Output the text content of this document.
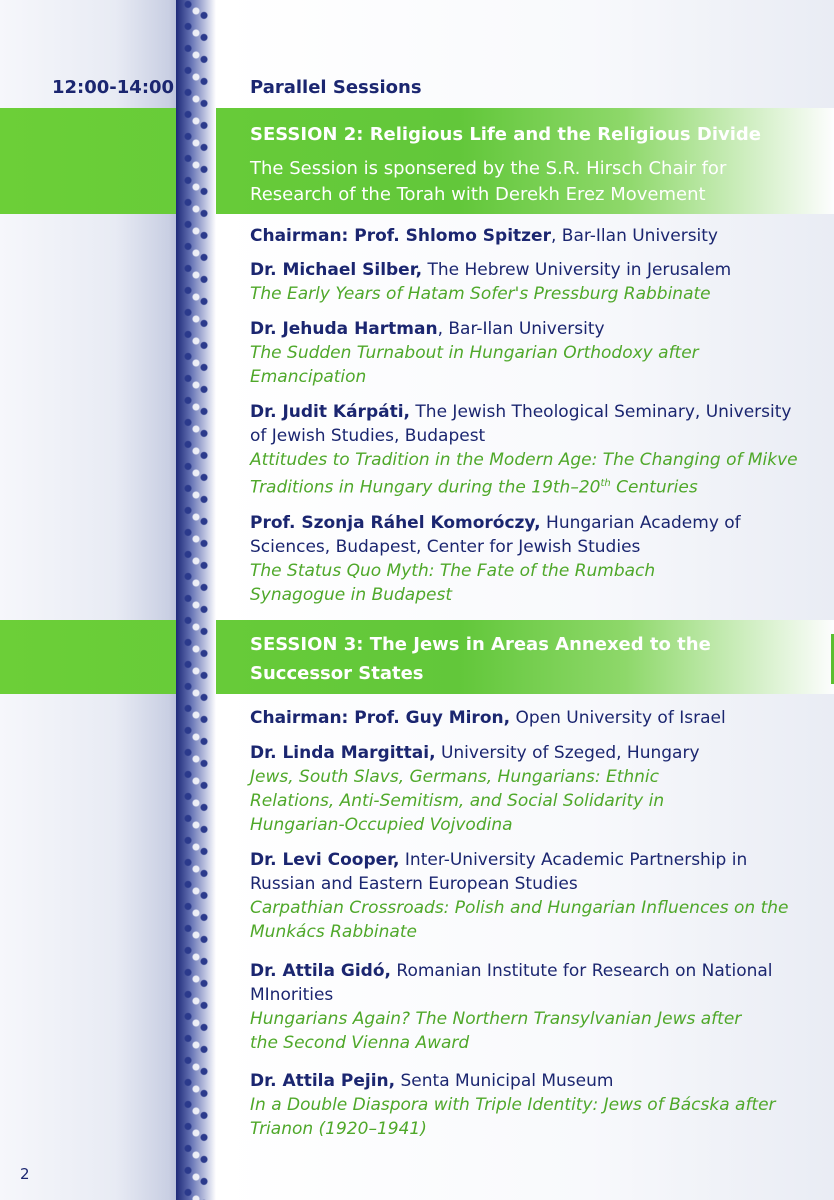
12:00-14:00	Parallel Sessions
SESSION 2: Religious Life and the Religious Divide
The Session is sponsered by the S.R. Hirsch Chair for
Research of the Torah with Derekh Erez Movement
Chairman: Prof. Shlomo Spitzer, Bar-Ilan University
Dr. Michael Silber, The Hebrew University in Jerusalem
The Early Years of Hatam Sofer's Pressburg Rabbinate
Dr. Jehuda Hartman, Bar-Ilan University
The Sudden Turnabout in Hungarian Orthodoxy after Emancipation
Dr. Judit Kárpáti, The Jewish Theological Seminary, University of Jewish Studies, Budapest
Attitudes to Tradition in the Modern Age: The Changing of Mikve Traditions in Hungary during the 19th–20th Centuries
Prof. Szonja Ráhel Komoróczy, Hungarian Academy of Sciences, Budapest, Center for Jewish Studies
The Status Quo Myth: The Fate of the Rumbach Synagogue in Budapest
SESSION 3: The Jews in Areas Annexed to the
Successor States
Chairman: Prof. Guy Miron, Open University of Israel
Dr. Linda Margittai, University of Szeged, Hungary
Jews, South Slavs, Germans, Hungarians: Ethnic Relations, Anti-Semitism, and Social Solidarity in Hungarian-Occupied Vojvodina
Dr. Levi Cooper, Inter-University Academic Partnership in Russian and Eastern European Studies
Carpathian Crossroads: Polish and Hungarian Influences on the Munkács Rabbinate
Dr. Attila Gidó, Romanian Institute for Research on National MInorities
Hungarians Again? The Northern Transylvanian Jews after the Second Vienna Award
Dr. Attila Pejin, Senta Municipal Museum
In a Double Diaspora with Triple Identity: Jews of Bácska after Trianon (1920–1941)
2
